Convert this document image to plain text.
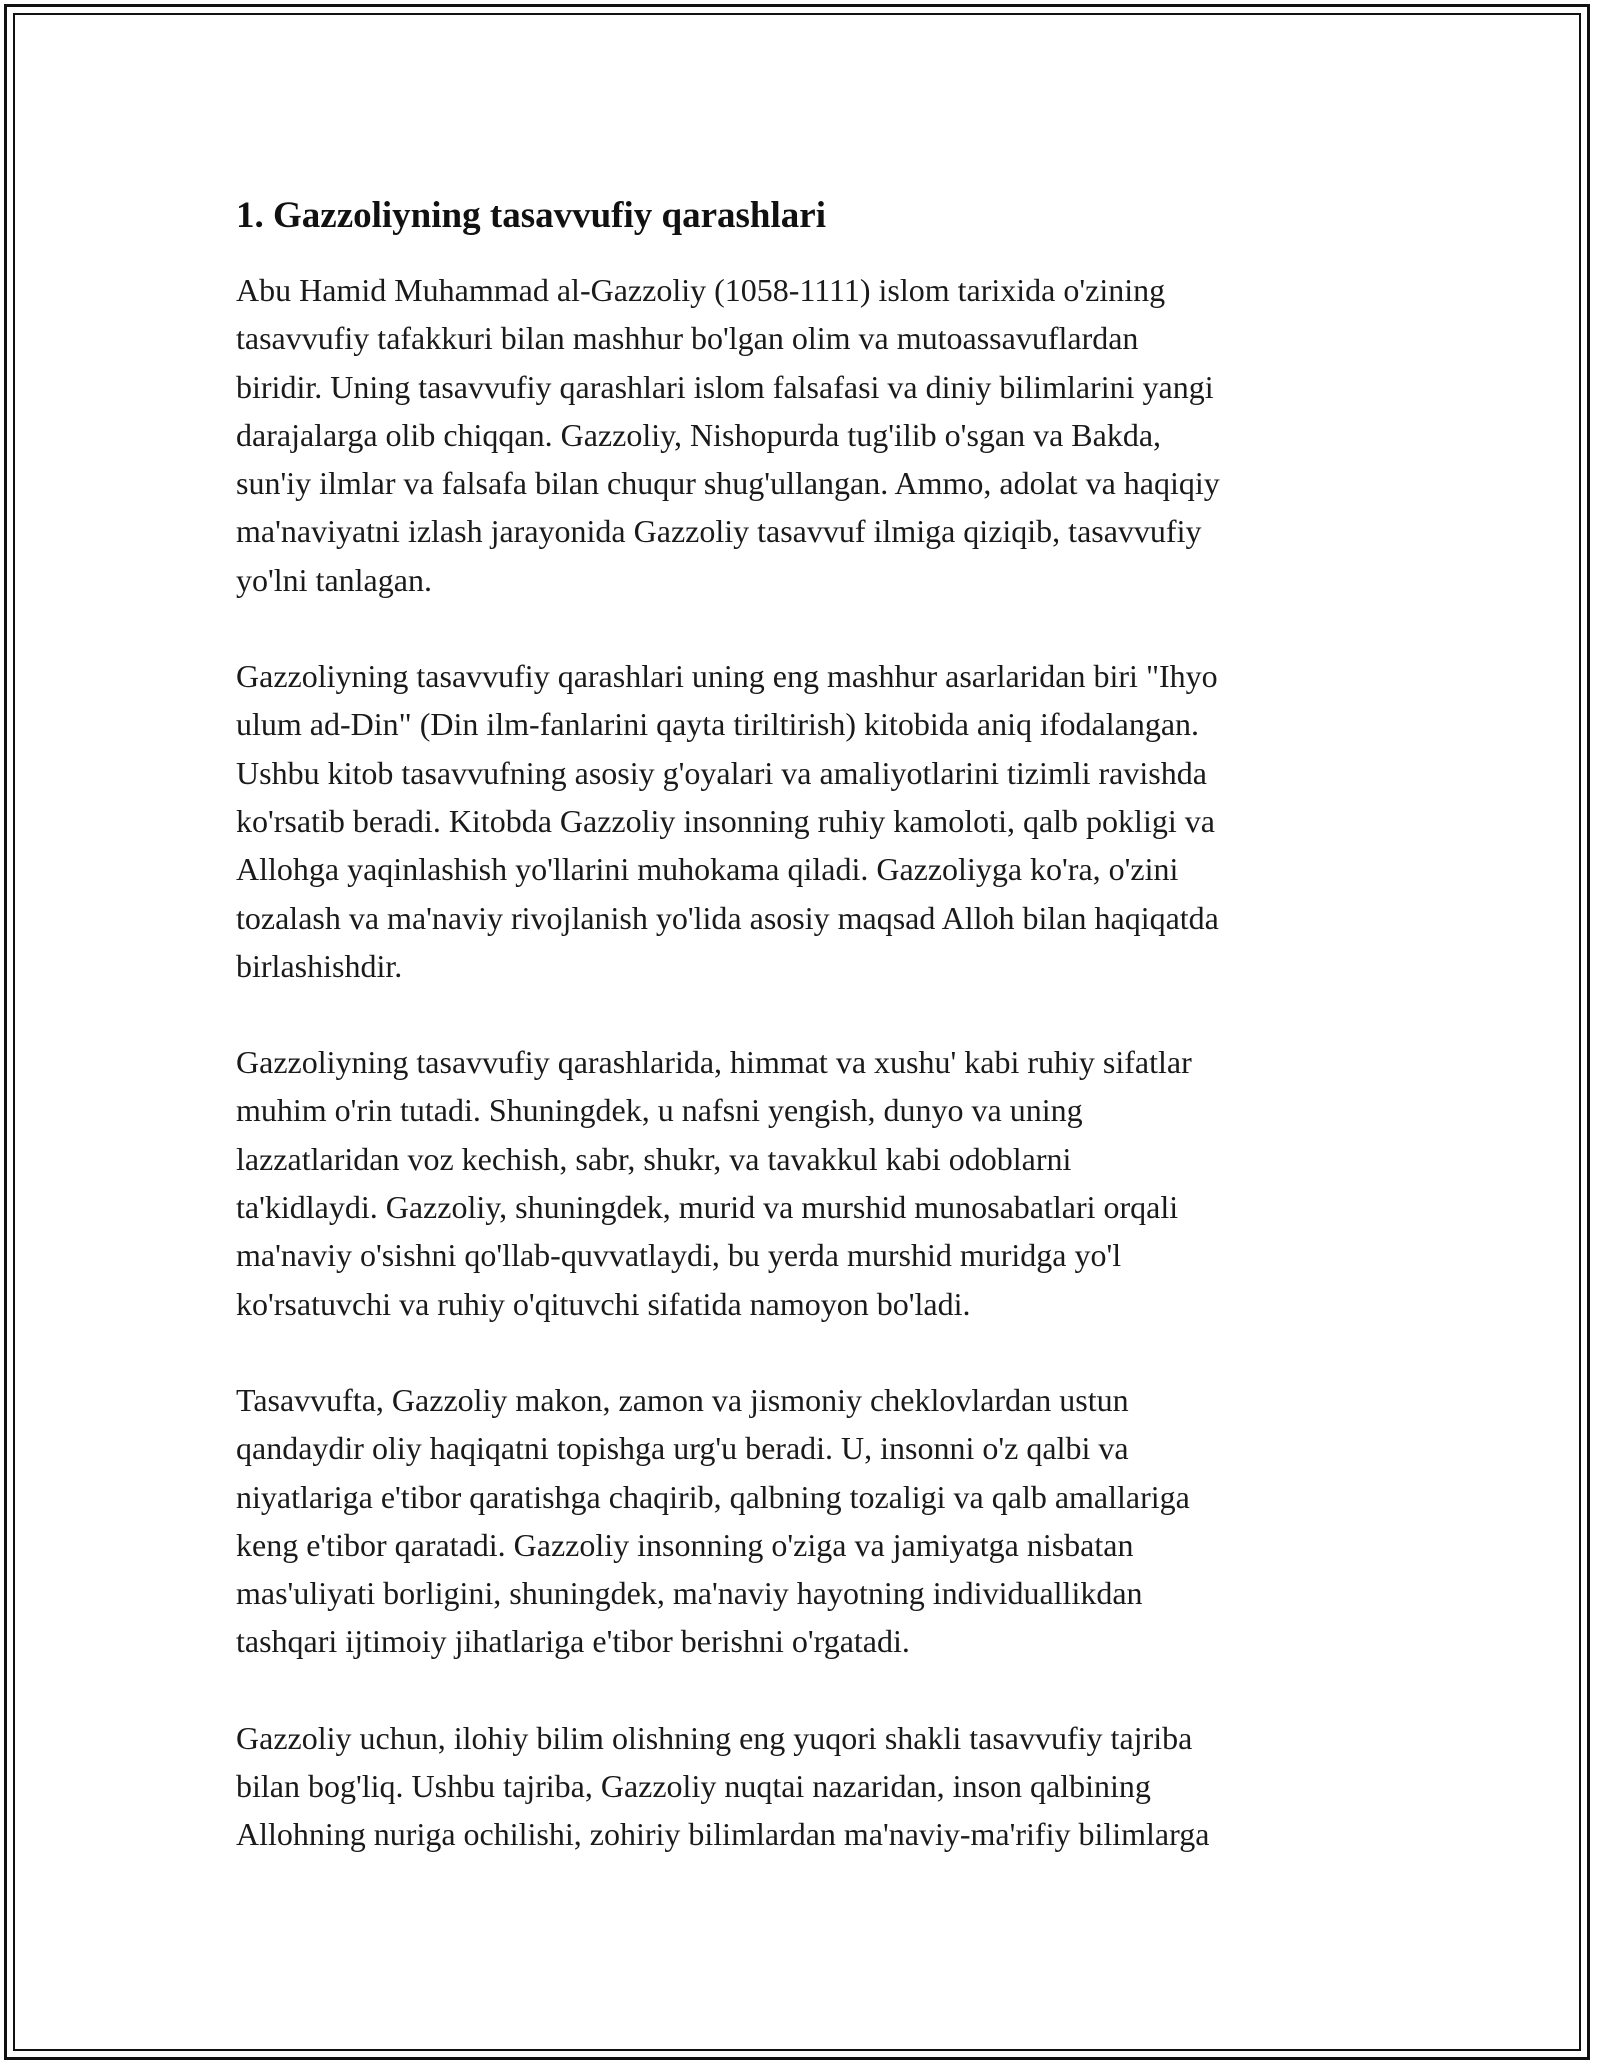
1. Gazzoliyning tasavvufiy qarashlari

Abu Hamid Muhammad al-Gazzoliy (1058-1111) islom tarixida o'zining
tasavvufiy tafakkuri bilan mashhur bo'lgan olim va mutoassavuflardan
biridir. Uning tasavvufiy qarashlari islom falsafasi va diniy bilimlarini yangi
darajalarga olib chiqqan. Gazzoliy, Nishopurda tug'ilib o'sgan va Bakda,
sun'iy ilmlar va falsafa bilan chuqur shug'ullangan. Ammo, adolat va haqiqiy
ma'naviyatni izlash jarayonida Gazzoliy tasavvuf ilmiga qiziqib, tasavvufiy
yo'lni tanlagan.

Gazzoliyning tasavvufiy qarashlari uning eng mashhur asarlaridan biri "Ihyo
ulum ad-Din" (Din ilm-fanlarini qayta tiriltirish) kitobida aniq ifodalangan.
Ushbu kitob tasavvufning asosiy g'oyalari va amaliyotlarini tizimli ravishda
ko'rsatib beradi. Kitobda Gazzoliy insonning ruhiy kamoloti, qalb pokligi va
Allohga yaqinlashish yo'llarini muhokama qiladi. Gazzoliyga ko'ra, o'zini
tozalash va ma'naviy rivojlanish yo'lida asosiy maqsad Alloh bilan haqiqatda
birlashishdir.

Gazzoliyning tasavvufiy qarashlarida, himmat va xushu' kabi ruhiy sifatlar
muhim o'rin tutadi. Shuningdek, u nafsni yengish, dunyo va uning
lazzatlaridan voz kechish, sabr, shukr, va tavakkul kabi odoblarni
ta'kidlaydi. Gazzoliy, shuningdek, murid va murshid munosabatlari orqali
ma'naviy o'sishni qo'llab-quvvatlaydi, bu yerda murshid muridga yo'l
ko'rsatuvchi va ruhiy o'qituvchi sifatida namoyon bo'ladi.

Tasavvufta, Gazzoliy makon, zamon va jismoniy cheklovlardan ustun
qandaydir oliy haqiqatni topishga urg'u beradi. U, insonni o'z qalbi va
niyatlariga e'tibor qaratishga chaqirib, qalbning tozaligi va qalb amallariga
keng e'tibor qaratadi. Gazzoliy insonning o'ziga va jamiyatga nisbatan
mas'uliyati borligini, shuningdek, ma'naviy hayotning individuallikdan
tashqari ijtimoiy jihatlariga e'tibor berishni o'rgatadi.

Gazzoliy uchun, ilohiy bilim olishning eng yuqori shakli tasavvufiy tajriba
bilan bog'liq. Ushbu tajriba, Gazzoliy nuqtai nazaridan, inson qalbining
Allohning nuriga ochilishi, zohiriy bilimlardan ma'naviy-ma'rifiy bilimlarga
